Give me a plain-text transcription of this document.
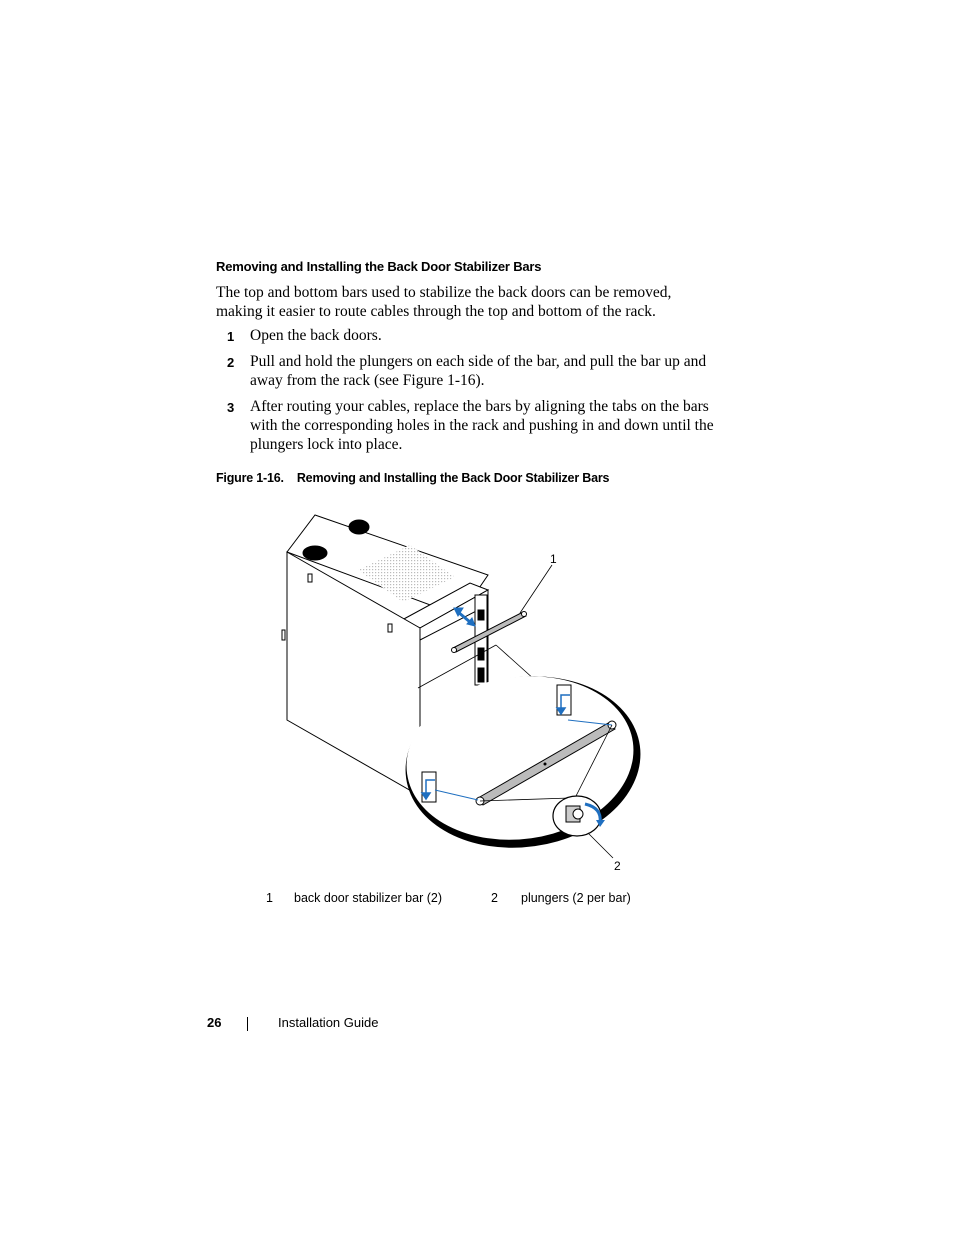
Removing and Installing the Back Door Stabilizer Bars
The top and bottom bars used to stabilize the back doors can be removed, making it easier to route cables through the top and bottom of the rack.
1 Open the back doors.
2 Pull and hold the plungers on each side of the bar, and pull the bar up and away from the rack (see Figure 1-16).
3 After routing your cables, replace the bars by aligning the tabs on the bars with the corresponding holes in the rack and pushing in and down until the plungers lock into place.
Figure 1-16. Removing and Installing the Back Door Stabilizer Bars
1
2
1 back door stabilizer bar (2)	2 plungers (2 per bar)
26	Installation Guide
